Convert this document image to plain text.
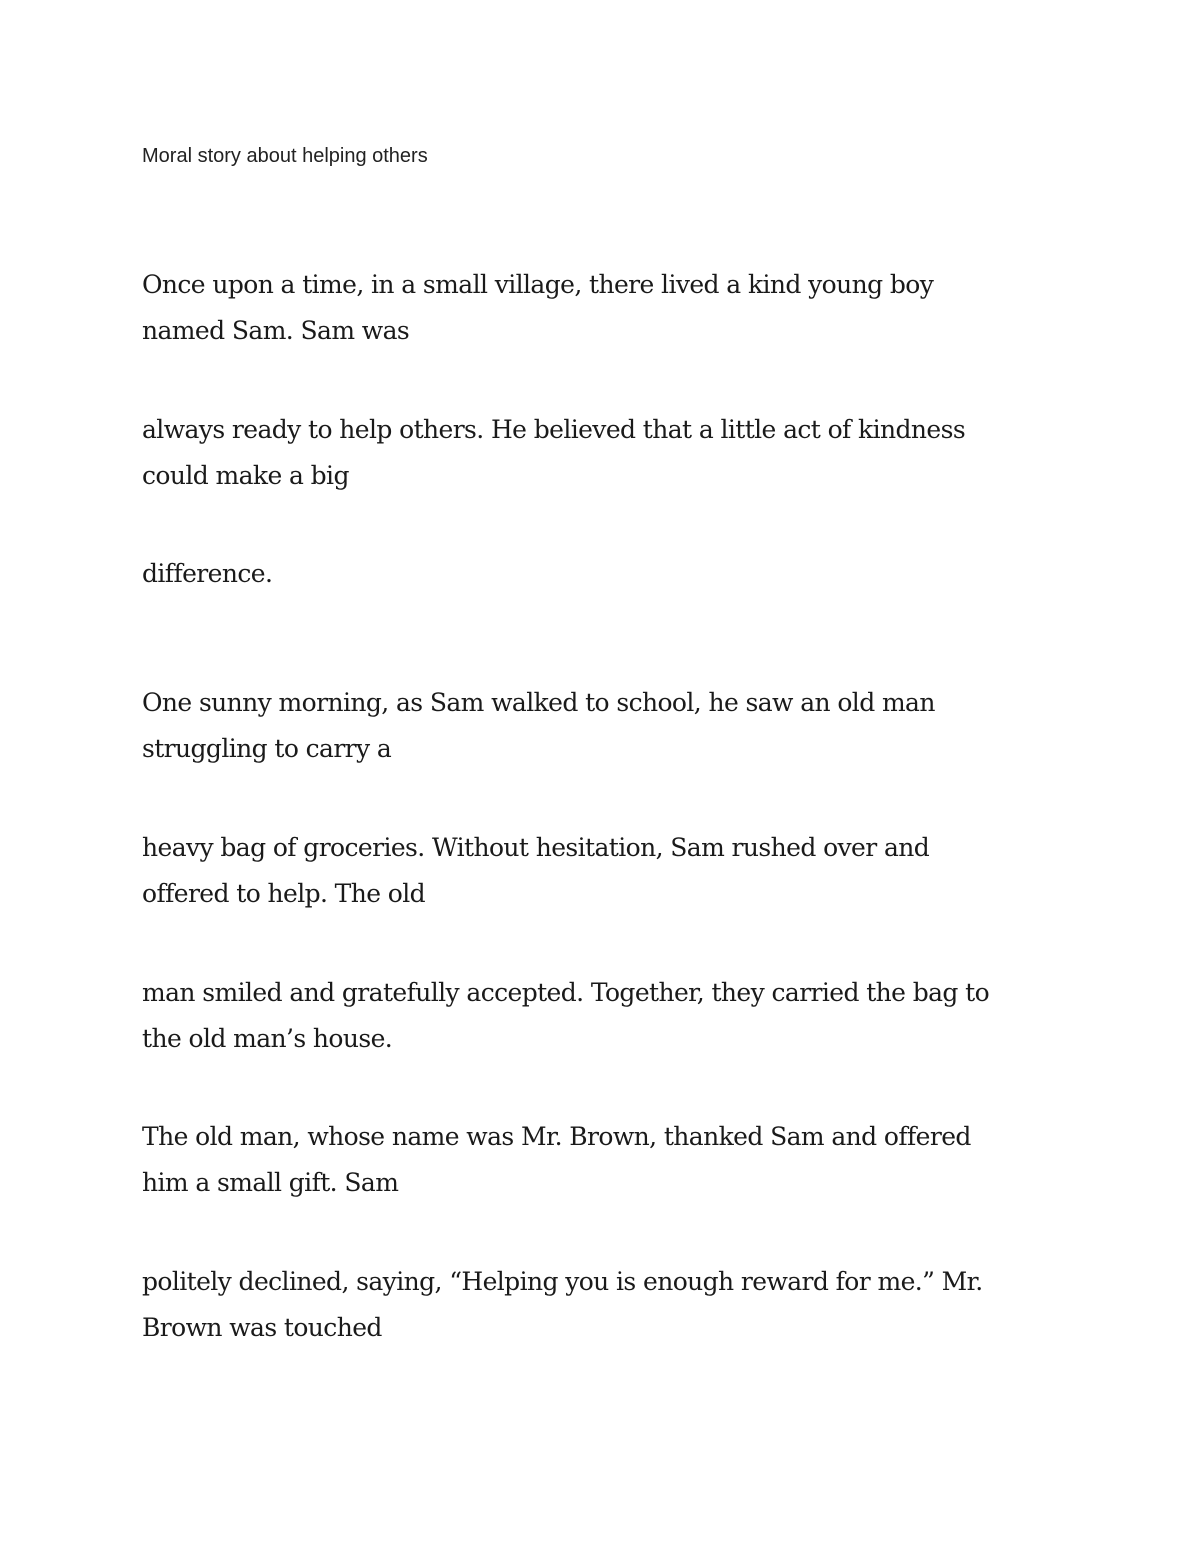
Moral story about helping others

Once upon a time, in a small village, there lived a kind young boy
named Sam. Sam was

always ready to help others. He believed that a little act of kindness
could make a big

difference.

One sunny morning, as Sam walked to school, he saw an old man
struggling to carry a

heavy bag of groceries. Without hesitation, Sam rushed over and
offered to help. The old

man smiled and gratefully accepted. Together, they carried the bag to
the old man’s house.

The old man, whose name was Mr. Brown, thanked Sam and offered
him a small gift. Sam

politely declined, saying, “Helping you is enough reward for me.” Mr.
Brown was touched
